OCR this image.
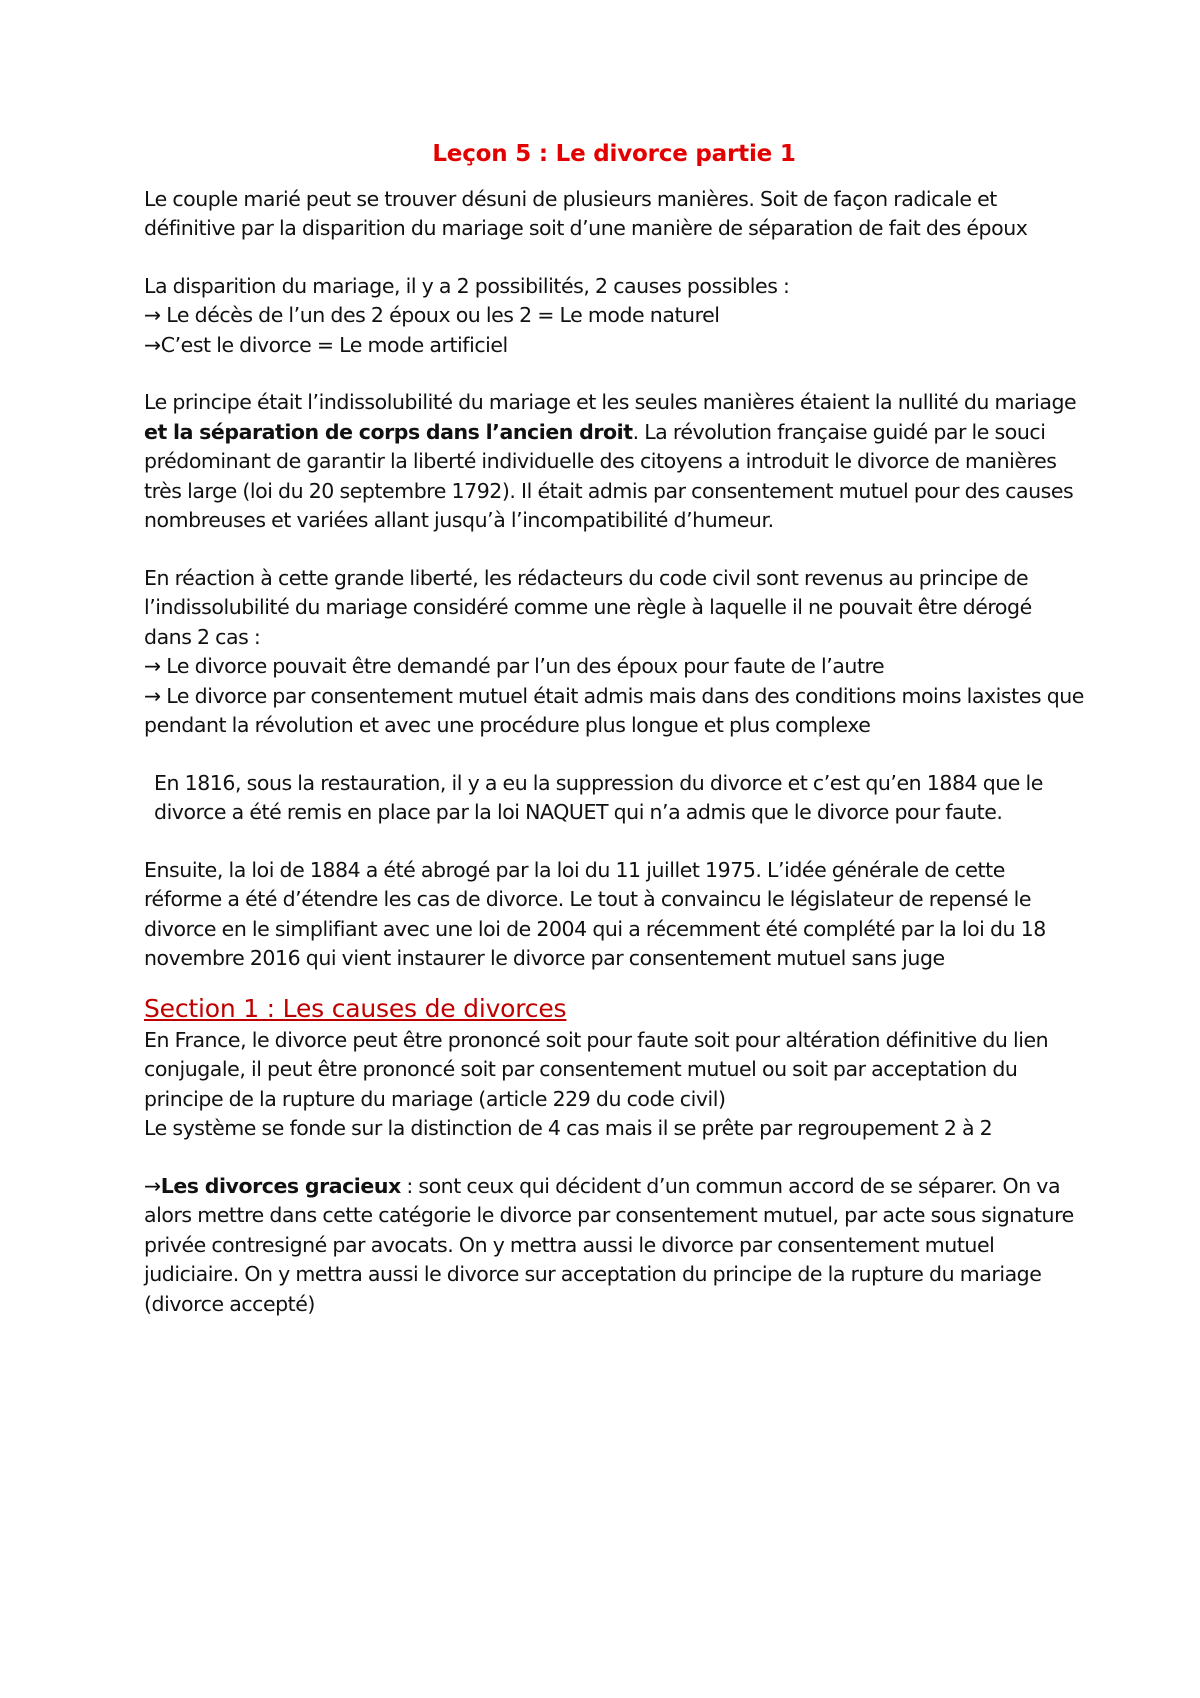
Leçon 5 : Le divorce partie 1

Le couple marié peut se trouver désuni de plusieurs manières. Soit de façon radicale et définitive par la disparition du mariage soit d’une manière de séparation de fait des époux

La disparition du mariage, il y a 2 possibilités, 2 causes possibles :
→ Le décès de l’un des 2 époux ou les 2 = Le mode naturel
→C’est le divorce = Le mode artificiel

Le principe était l’indissolubilité du mariage et les seules manières étaient la nullité du mariage et la séparation de corps dans l’ancien droit. La révolution française guidé par le souci prédominant de garantir la liberté individuelle des citoyens a introduit le divorce de manières très large (loi du 20 septembre 1792). Il était admis par consentement mutuel pour des causes nombreuses et variées allant jusqu’à l’incompatibilité d’humeur.

En réaction à cette grande liberté, les rédacteurs du code civil sont revenus au principe de l’indissolubilité du mariage considéré comme une règle à laquelle il ne pouvait être dérogé dans 2 cas :
→ Le divorce pouvait être demandé par l’un des époux pour faute de l’autre
→ Le divorce par consentement mutuel était admis mais dans des conditions moins laxistes que pendant la révolution et avec une procédure plus longue et plus complexe

En 1816, sous la restauration, il y a eu la suppression du divorce et c’est qu’en 1884 que le divorce a été remis en place par la loi NAQUET qui n’a admis que le divorce pour faute.

Ensuite, la loi de 1884 a été abrogé par la loi du 11 juillet 1975. L’idée générale de cette réforme a été d’étendre les cas de divorce. Le tout à convaincu le législateur de repensé le divorce en le simplifiant avec une loi de 2004 qui a récemment été complété par la loi du 18 novembre 2016 qui vient instaurer le divorce par consentement mutuel sans juge

Section 1 : Les causes de divorces
En France, le divorce peut être prononcé soit pour faute soit pour altération définitive du lien conjugale, il peut être prononcé soit par consentement mutuel ou soit par acceptation du principe de la rupture du mariage (article 229 du code civil)
Le système se fonde sur la distinction de 4 cas mais il se prête par regroupement 2 à 2

→Les divorces gracieux : sont ceux qui décident d’un commun accord de se séparer. On va alors mettre dans cette catégorie le divorce par consentement mutuel, par acte sous signature privée contresigné par avocats. On y mettra aussi le divorce par consentement mutuel judiciaire. On y mettra aussi le divorce sur acceptation du principe de la rupture du mariage (divorce accepté)
